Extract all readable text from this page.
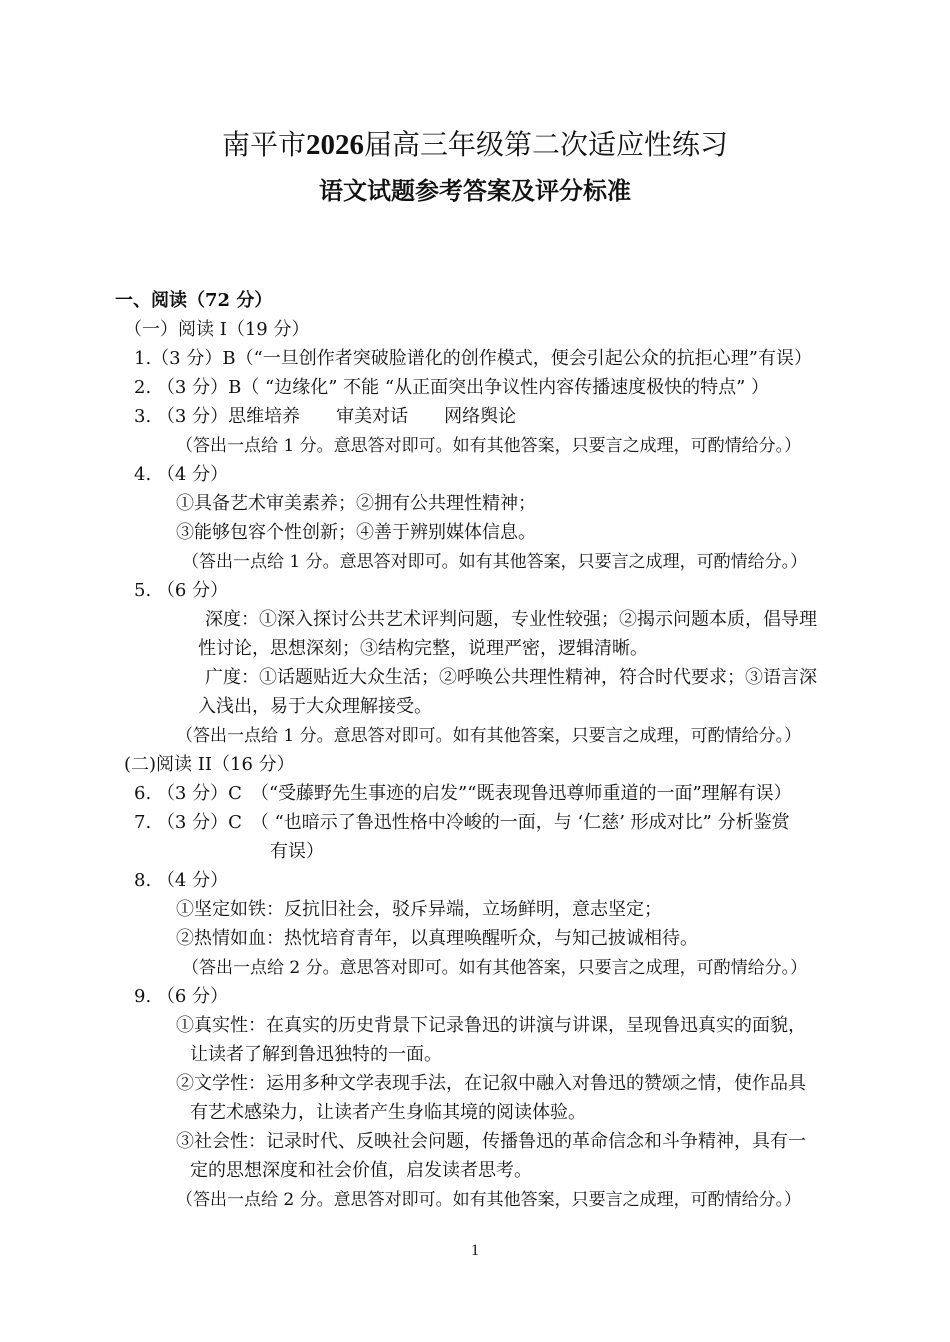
南平市2026届高三年级第二次适应性练习
语文试题参考答案及评分标准
一、阅读（72 分）
（一）阅读 I（19 分）
1.（3 分）B（“一旦创作者突破脸谱化的创作模式，便会引起公众的抗拒心理”有误）
2. （3 分）B（ “边缘化” 不能 “从正面突出争议性内容传播速度极快的特点” ）
3. （3 分）思维培养　　审美对话　　网络舆论
（答出一点给 1 分。意思答对即可。如有其他答案，只要言之成理，可酌情给分。）
4. （4 分）
①具备艺术审美素养；②拥有公共理性精神；
③能够包容个性创新；④善于辨别媒体信息。
（答出一点给 1 分。意思答对即可。如有其他答案，只要言之成理，可酌情给分。）
5. （6 分）
深度：①深入探讨公共艺术评判问题，专业性较强；②揭示问题本质，倡导理
性讨论，思想深刻；③结构完整，说理严密，逻辑清晰。
广度：①话题贴近大众生活；②呼唤公共理性精神，符合时代要求；③语言深
入浅出，易于大众理解接受。
（答出一点给 1 分。意思答对即可。如有其他答案，只要言之成理，可酌情给分。）
(二)阅读 II（16 分）
6. （3 分）C　（“受藤野先生事迹的启发”“既表现鲁迅尊师重道的一面”理解有误）
7. （3 分）C　（ “也暗示了鲁迅性格中冷峻的一面，与 ‘仁慈’ 形成对比” 分析鉴赏
有误）
8. （4 分）
①坚定如铁：反抗旧社会，驳斥异端，立场鲜明，意志坚定；
②热情如血：热忱培育青年，以真理唤醒听众，与知己披诚相待。
（答出一点给 2 分。意思答对即可。如有其他答案，只要言之成理，可酌情给分。）
9. （6 分）
①真实性：在真实的历史背景下记录鲁迅的讲演与讲课，呈现鲁迅真实的面貌，
让读者了解到鲁迅独特的一面。
②文学性：运用多种文学表现手法，在记叙中融入对鲁迅的赞颂之情，使作品具
有艺术感染力，让读者产生身临其境的阅读体验。
③社会性：记录时代、反映社会问题，传播鲁迅的革命信念和斗争精神，具有一
定的思想深度和社会价值，启发读者思考。
（答出一点给 2 分。意思答对即可。如有其他答案，只要言之成理，可酌情给分。）
1
